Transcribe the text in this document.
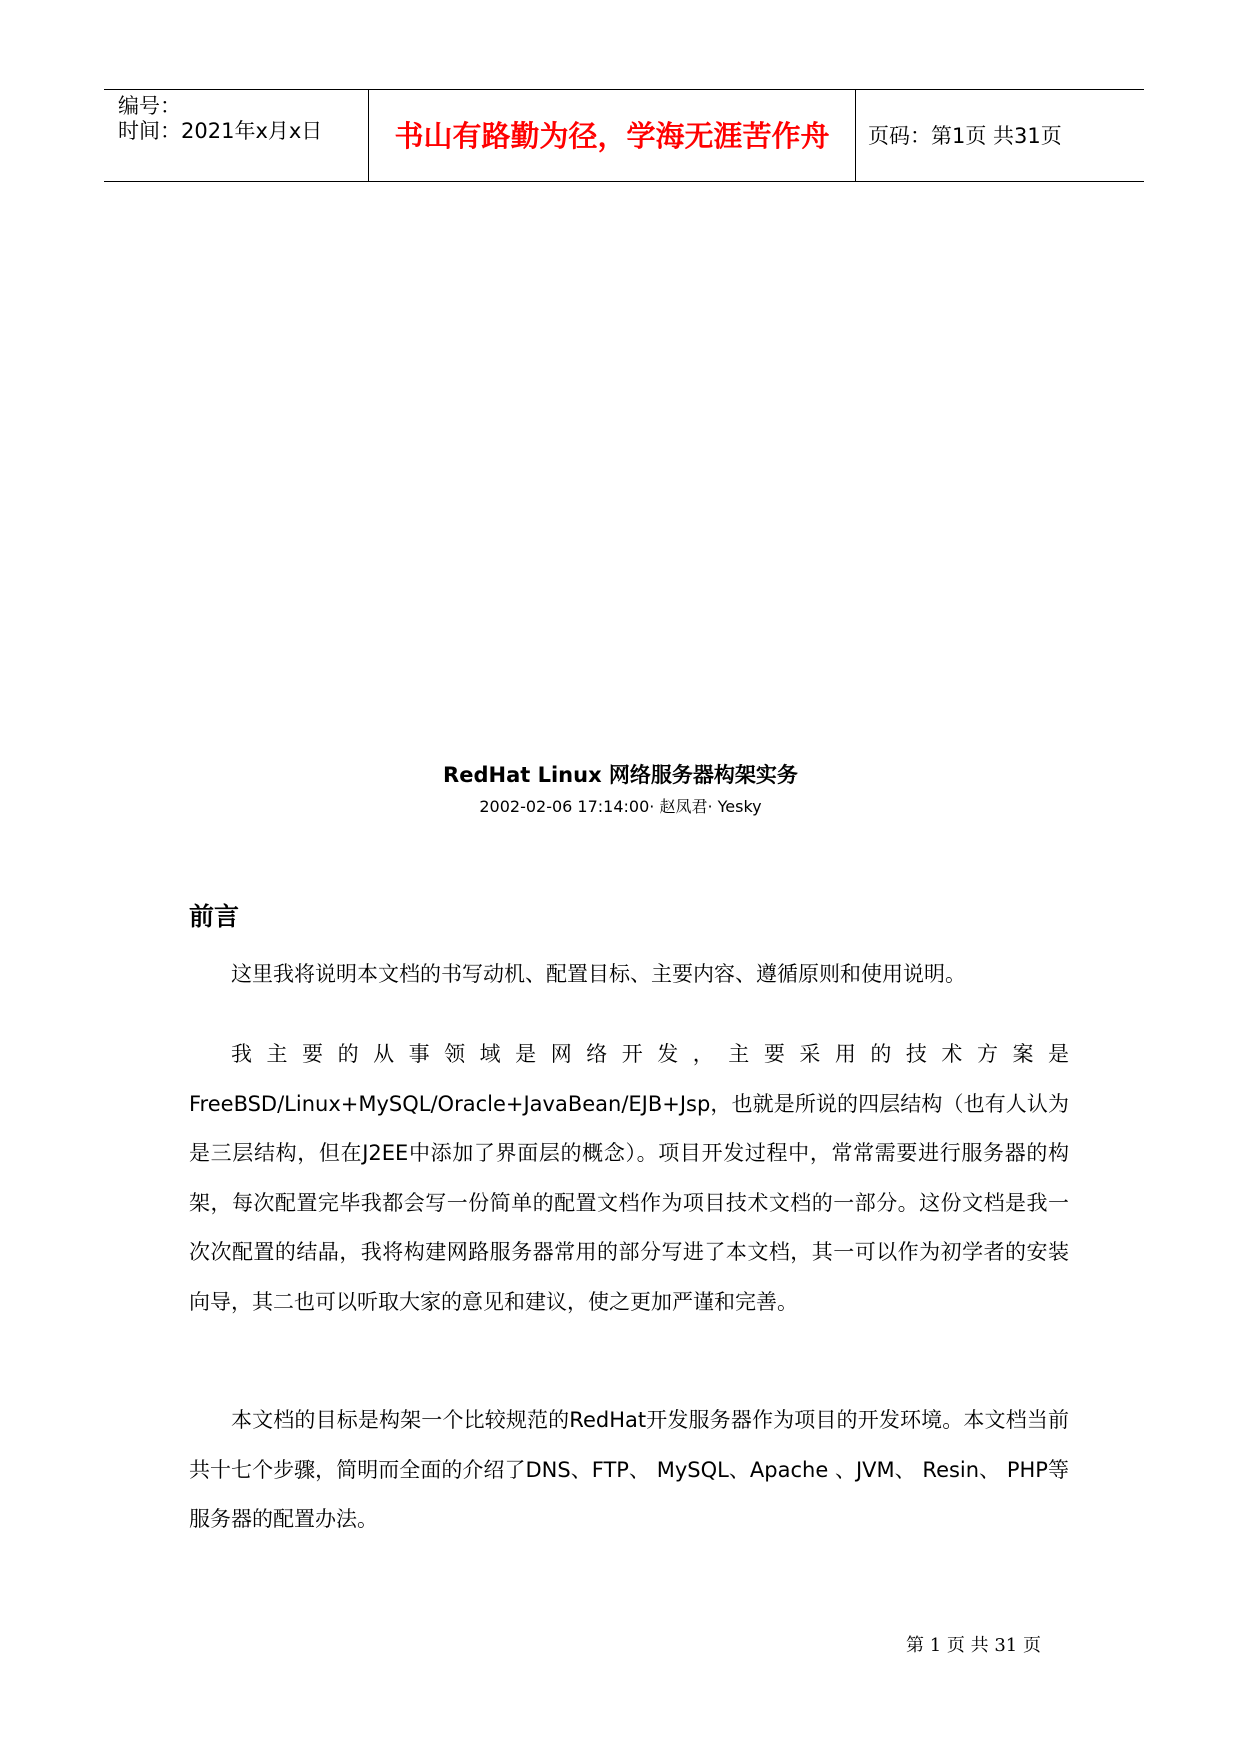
编号：
时间：2021年x月x日	书山有路勤为径，学海无涯苦作舟	页码：第1页 共31页
RedHat Linux 网络服务器构架实务
2002-02-06 17:14:00· 赵凤君· Yesky
前言

这里我将说明本文档的书写动机、配置目标、主要内容、遵循原则和使用说明。

我主要的从事领域是网络开发，主要采用的技术方案是FreeBSD/Linux+MySQL/Oracle+JavaBean/EJB+Jsp，也就是所说的四层结构（也有人认为是三层结构，但在J2EE中添加了界面层的概念）。项目开发过程中，常常需要进行服务器的构架，每次配置完毕我都会写一份简单的配置文档作为项目技术文档的一部分。这份文档是我一次次配置的结晶，我将构建网路服务器常用的部分写进了本文档，其一可以作为初学者的安装向导，其二也可以听取大家的意见和建议，使之更加严谨和完善。

本文档的目标是构架一个比较规范的RedHat开发服务器作为项目的开发环境。本文档当前共十七个步骤，简明而全面的介绍了DNS、FTP、 MySQL、Apache 、JVM、 Resin、 PHP等服务器的配置办法。

第 1 页 共 31 页
